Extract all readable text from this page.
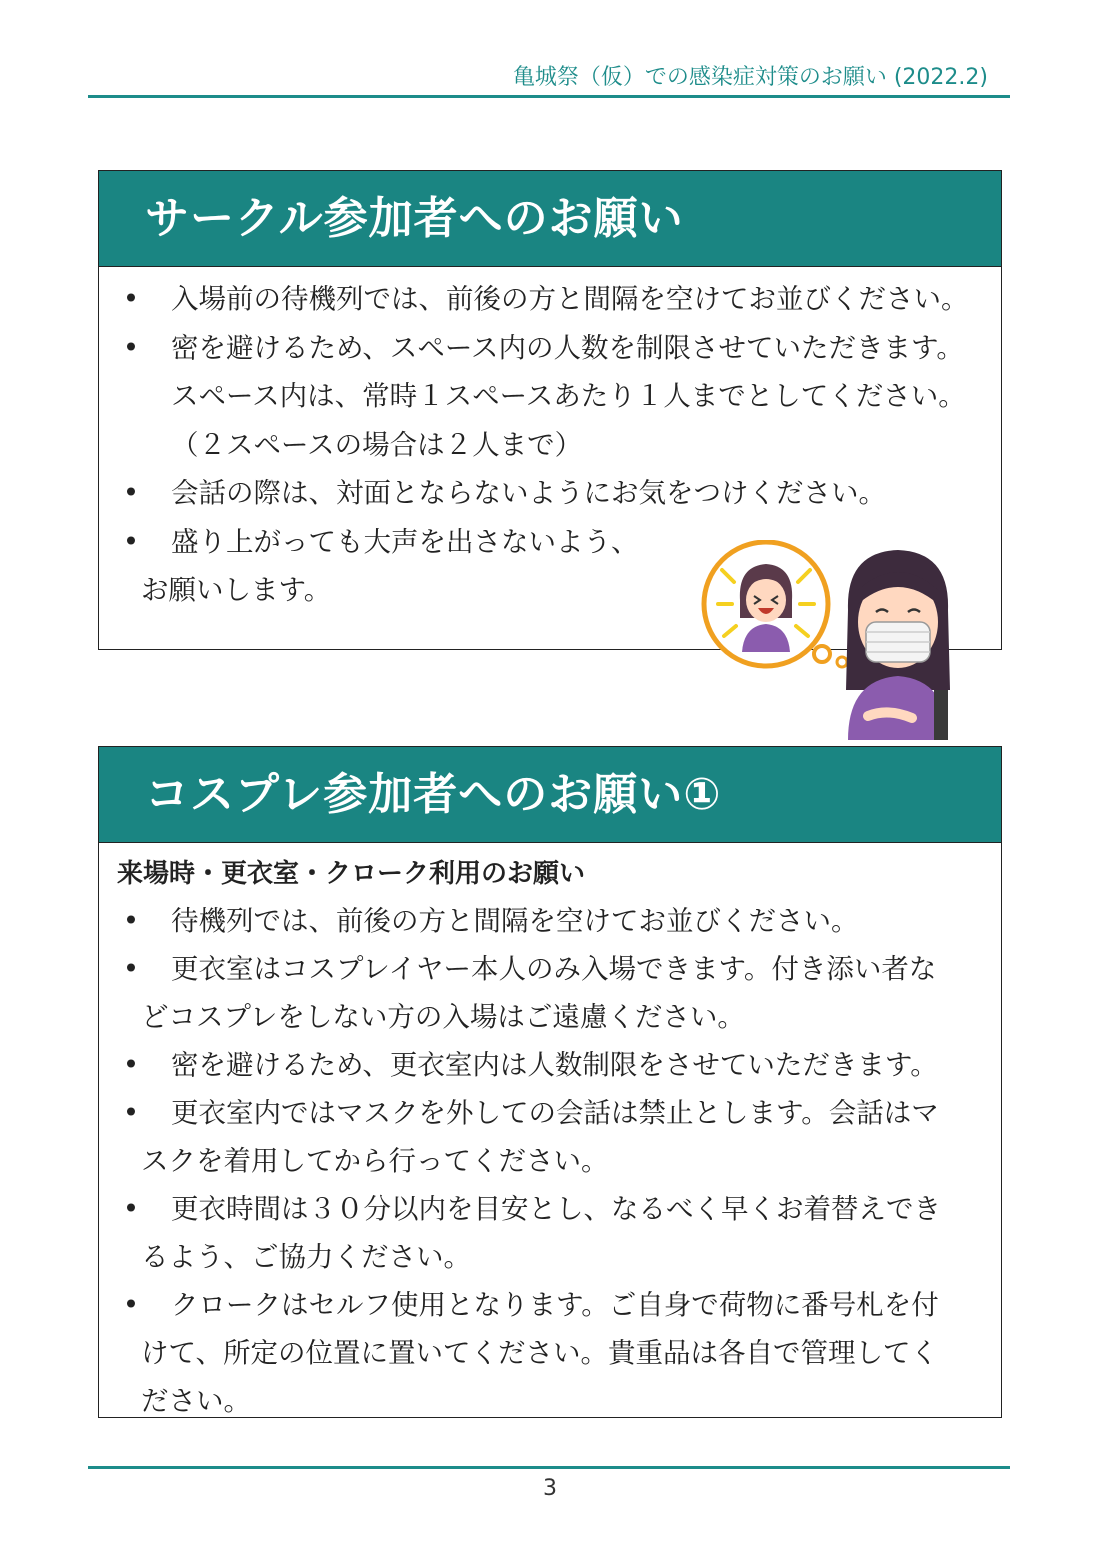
亀城祭（仮）での感染症対策のお願い (2022.2)
サークル参加者へのお願い
• 入場前の待機列では、前後の方と間隔を空けてお並びください。
• 密を避けるため、スペース内の人数を制限させていただきます。
スペース内は、常時１スペースあたり１人までとしてください。
（２スペースの場合は２人まで）
• 会話の際は、対面とならないようにお気をつけください。
• 盛り上がっても大声を出さないよう、
お願いします。
コスプレ参加者へのお願い①
来場時・更衣室・クローク利用のお願い
• 待機列では、前後の方と間隔を空けてお並びください。
• 更衣室はコスプレイヤー本人のみ入場できます。付き添い者な
どコスプレをしない方の入場はご遠慮ください。
• 密を避けるため、更衣室内は人数制限をさせていただきます。
• 更衣室内ではマスクを外しての会話は禁止とします。会話はマ
スクを着用してから行ってください。
• 更衣時間は３０分以内を目安とし、なるべく早くお着替えでき
るよう、ご協力ください。
• クロークはセルフ使用となります。ご自身で荷物に番号札を付
けて、所定の位置に置いてください。貴重品は各自で管理してく
ださい。
3
